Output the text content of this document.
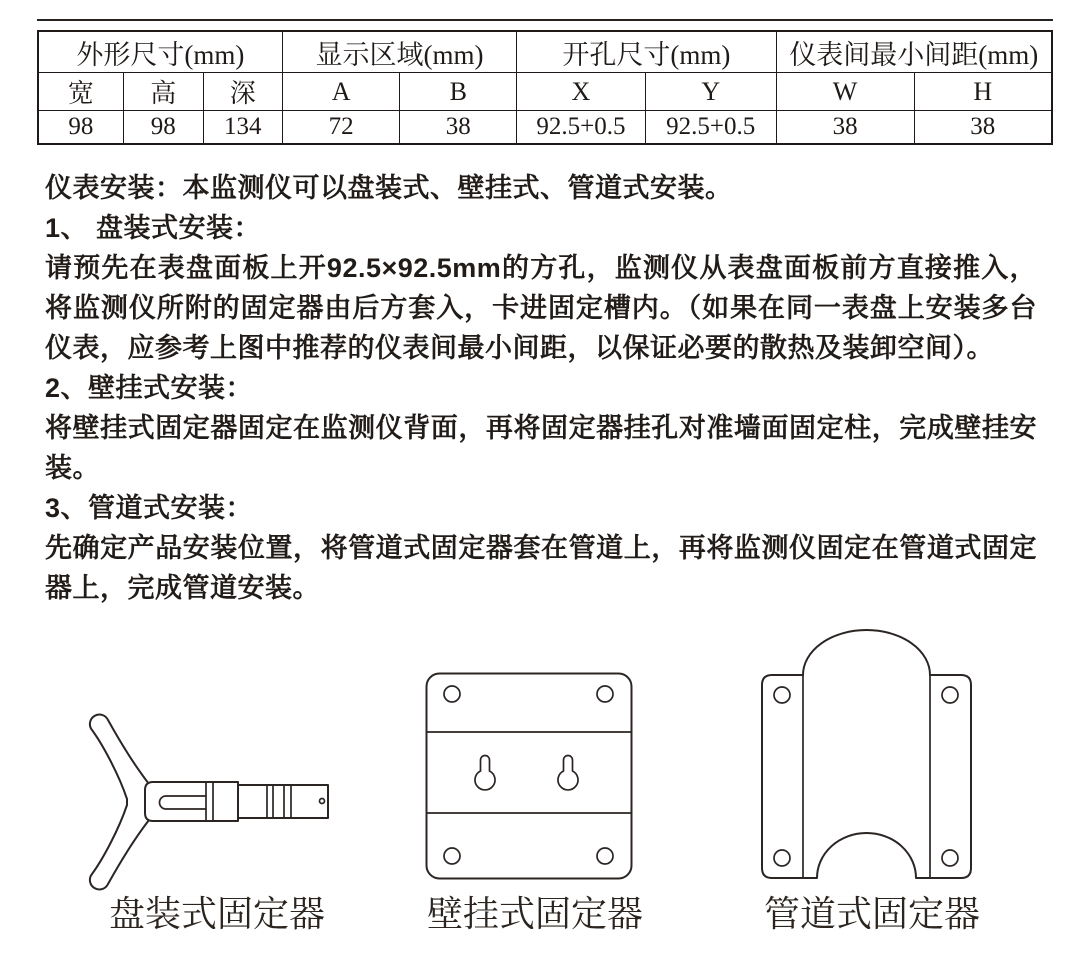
外形尺寸(mm)			显示区域(mm)		开孔尺寸(mm)		仪表间最小间距(mm)	
宽	高	深	A	B	X	Y	W	H
98	98	134	72	38	92.5+0.5	92.5+0.5	38	38

仪表安装：本监测仪可以盘装式、壁挂式、管道式安装。

1、 盘装式安装：

请预先在表盘面板上开92.5×92.5mm的方孔，监测仪从表盘面板前方直接推入，将监测仪所附的固定器由后方套入，卡进固定槽内。（如果在同一表盘上安装多台仪表，应参考上图中推荐的仪表间最小间距，以保证必要的散热及装卸空间）。

2、壁挂式安装：

将壁挂式固定器固定在监测仪背面，再将固定器挂孔对准墙面固定柱，完成壁挂安装。

3、管道式安装：

先确定产品安装位置，将管道式固定器套在管道上，再将监测仪固定在管道式固定器上，完成管道安装。

盘装式固定器	壁挂式固定器	管道式固定器
